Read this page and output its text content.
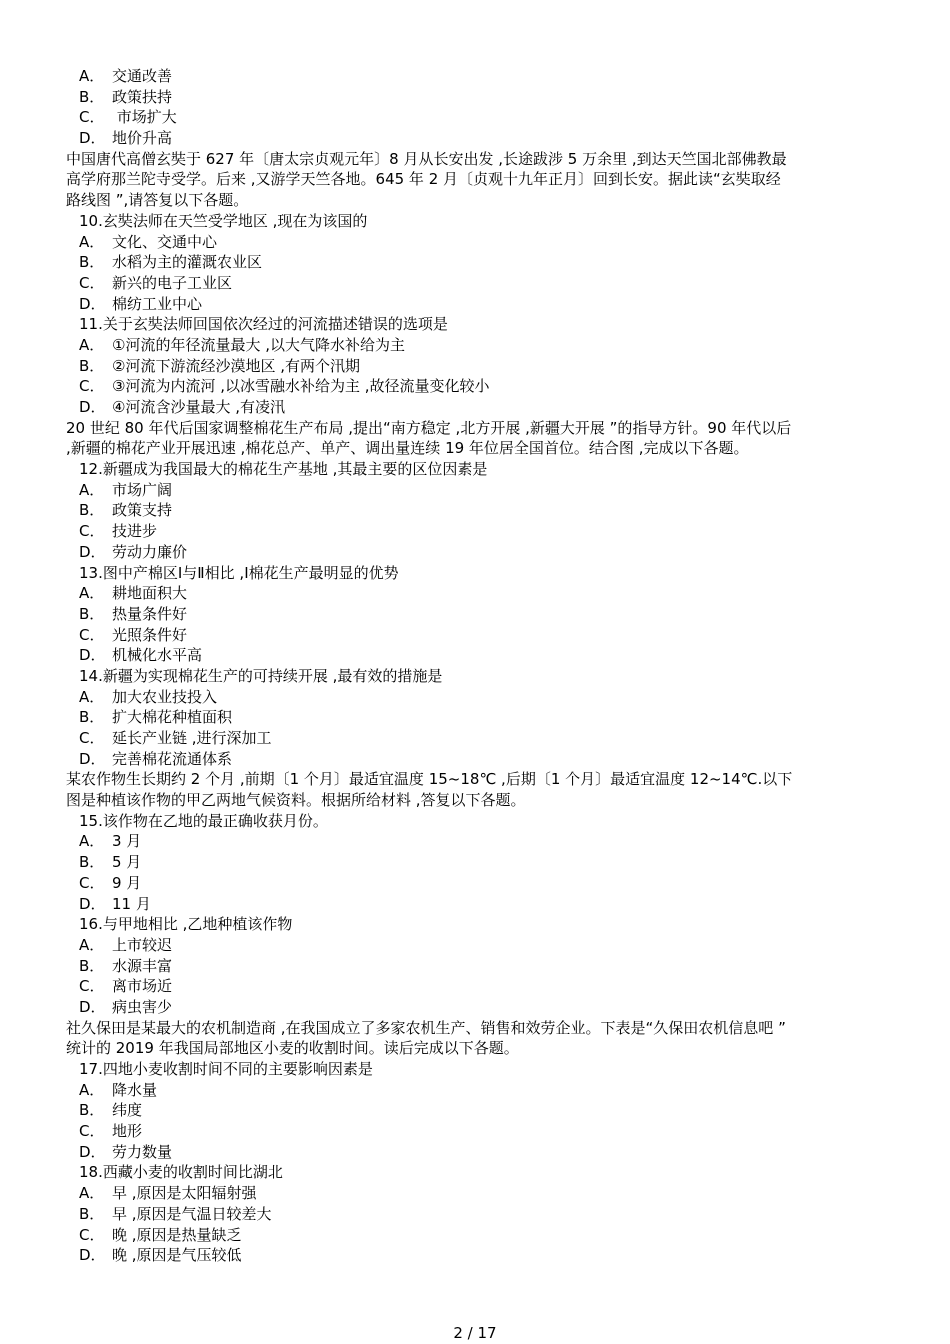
A． 交通改善
B． 政策扶持
C． 市场扩大
D． 地价升高
中国唐代高僧玄奘于 627 年〔唐太宗贞观元年〕8 月从长安出发 ,长途跋涉 5 万余里 ,到达天竺国北部佛教最
高学府那兰陀寺受学。后来 ,又游学天竺各地。645 年 2 月〔贞观十九年正月〕回到长安。据此读“玄奘取经
路线图 ”,请答复以下各题。
10.玄奘法师在天竺受学地区 ,现在为该国的
A． 文化、交通中心
B． 水稻为主的灌溉农业区
C． 新兴的电子工业区
D． 棉纺工业中心
11.关于玄奘法师回国依次经过的河流描述错误的选项是
A． ①河流的年径流量最大 ,以大气降水补给为主
B． ②河流下游流经沙漠地区 ,有两个汛期
C． ③河流为内流河 ,以冰雪融水补给为主 ,故径流量变化较小
D． ④河流含沙量最大 ,有凌汛
20 世纪 80 年代后国家调整棉花生产布局 ,提出“南方稳定 ,北方开展 ,新疆大开展 ”的指导方针。90 年代以后
,新疆的棉花产业开展迅速 ,棉花总产、单产、调出量连续 19 年位居全国首位。结合图 ,完成以下各题。
12.新疆成为我国最大的棉花生产基地 ,其最主要的区位因素是
A． 市场广阔
B． 政策支持
C． 技进步
D． 劳动力廉价
13.图中产棉区Ⅰ与Ⅱ相比 ,Ⅰ棉花生产最明显的优势
A． 耕地面积大
B． 热量条件好
C． 光照条件好
D． 机械化水平高
14.新疆为实现棉花生产的可持续开展 ,最有效的措施是
A． 加大农业技投入
B． 扩大棉花种植面积
C． 延长产业链 ,进行深加工
D． 完善棉花流通体系
某农作物生长期约 2 个月 ,前期〔1 个月〕最适宜温度 15~18℃ ,后期〔1 个月〕最适宜温度 12~14℃.以下
图是种植该作物的甲乙两地气候资料。根据所给材料 ,答复以下各题。
15.该作物在乙地的最正确收获月份。
A． 3 月
B． 5 月
C． 9 月
D． 11 月
16.与甲地相比 ,乙地种植该作物
A． 上市较迟
B． 水源丰富
C． 离市场近
D． 病虫害少
社久保田是某最大的农机制造商 ,在我国成立了多家农机生产、销售和效劳企业。下表是“久保田农机信息吧 ”
统计的 2019 年我国局部地区小麦的收割时间。读后完成以下各题。
17.四地小麦收割时间不同的主要影响因素是
A． 降水量
B． 纬度
C． 地形
D． 劳力数量
18.西藏小麦的收割时间比湖北
A． 早 ,原因是太阳辐射强
B． 早 ,原因是气温日较差大
C． 晚 ,原因是热量缺乏
D． 晚 ,原因是气压较低
2 / 17
